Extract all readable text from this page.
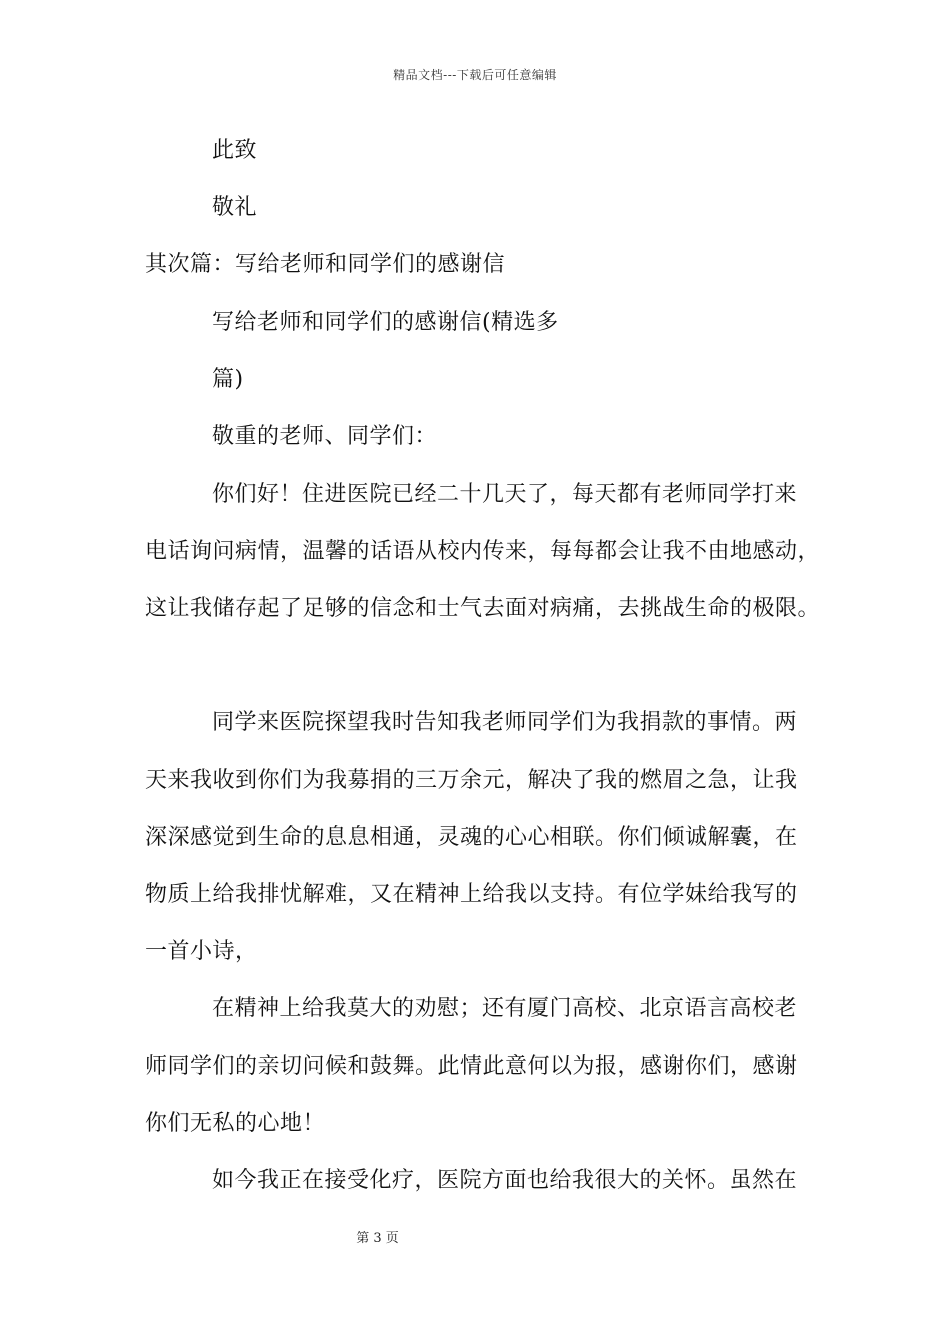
精品文档---下载后可任意编辑
此致
敬礼
其次篇：写给老师和同学们的感谢信
写给老师和同学们的感谢信(精选多
篇)
敬重的老师、同学们：
你们好！住进医院已经二十几天了，每天都有老师同学打来
电话询问病情，温馨的话语从校内传来，每每都会让我不由地感动，
这让我储存起了足够的信念和士气去面对病痛，去挑战生命的极限。
同学来医院探望我时告知我老师同学们为我捐款的事情。两
天来我收到你们为我募捐的三万余元，解决了我的燃眉之急，让我
深深感觉到生命的息息相通，灵魂的心心相联。你们倾诚解囊，在
物质上给我排忧解难，又在精神上给我以支持。有位学妹给我写的
一首小诗，
在精神上给我莫大的劝慰；还有厦门高校、北京语言高校老
师同学们的亲切问候和鼓舞。此情此意何以为报，感谢你们，感谢
你们无私的心地！
如今我正在接受化疗，医院方面也给我很大的关怀。虽然在
第 3 页
